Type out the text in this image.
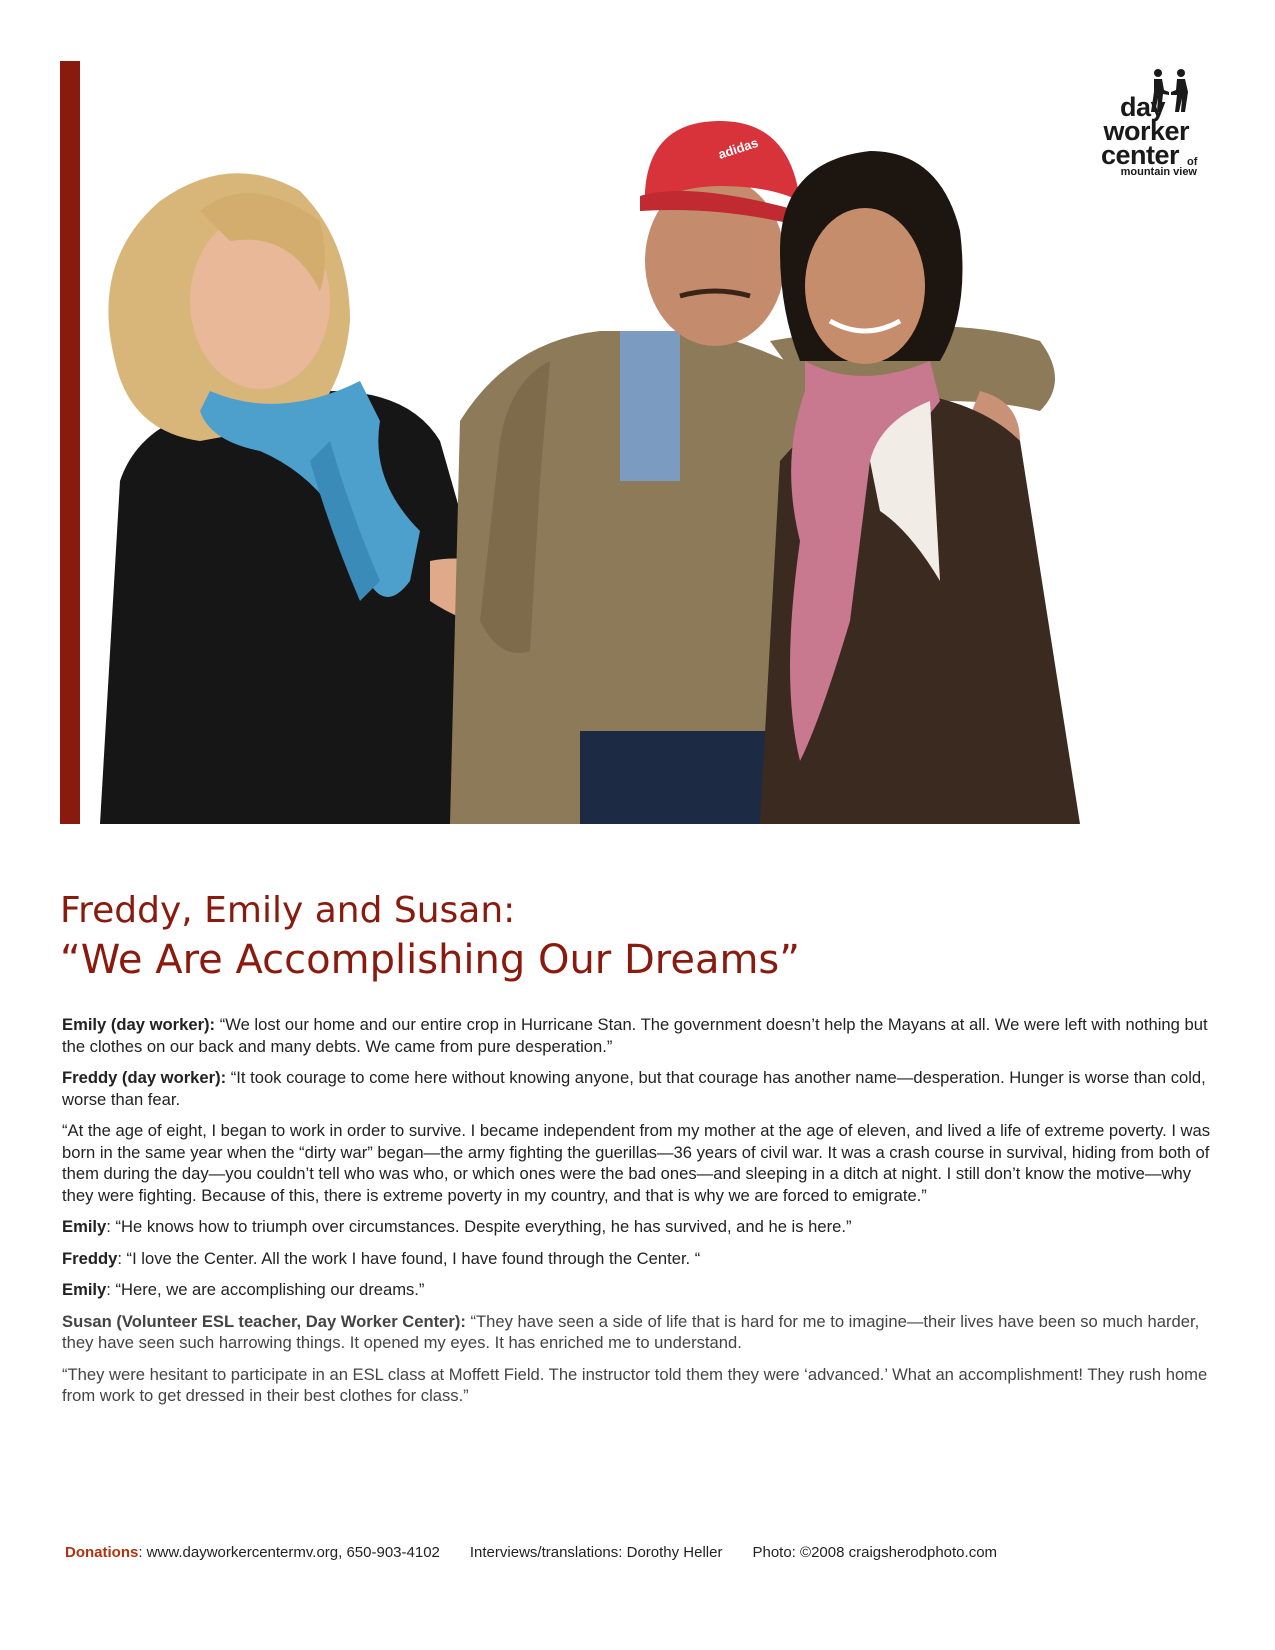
adidas
day
worker
center of
mountain view
Freddy, Emily and Susan:
“We Are Accomplishing Our Dreams”

Emily (day worker): “We lost our home and our entire crop in Hurricane Stan. The government doesn’t help the Mayans at all. We were left with nothing but the clothes on our back and many debts. We came from pure desperation.”

Freddy (day worker): “It took courage to come here without knowing anyone, but that courage has another name—desperation. Hunger is worse than cold, worse than fear.

“At the age of eight, I began to work in order to survive. I became independent from my mother at the age of eleven, and lived a life of extreme poverty. I was born in the same year when the “dirty war” began—the army fighting the guerillas—36 years of civil war. It was a crash course in survival, hiding from both of them during the day—you couldn’t tell who was who, or which ones were the bad ones—and sleeping in a ditch at night. I still don’t know the motive—why they were fighting. Because of this, there is extreme poverty in my country, and that is why we are forced to emigrate.”

Emily: “He knows how to triumph over circumstances. Despite everything, he has survived, and he is here.”

Freddy: “I love the Center. All the work I have found, I have found through the Center. “

Emily: “Here, we are accomplishing our dreams.”

Susan (Volunteer ESL teacher, Day Worker Center): “They have seen a side of life that is hard for me to imagine—their lives have been so much harder, they have seen such harrowing things. It opened my eyes. It has enriched me to understand.

“They were hesitant to participate in an ESL class at Moffett Field. The instructor told them they were ‘advanced.’ What an accomplishment! They rush home from work to get dressed in their best clothes for class.”

Donations: www.dayworkercentermv.org, 650-903-4102 Interviews/translations: Dorothy Heller Photo: ©2008 craigsherodphoto.com
